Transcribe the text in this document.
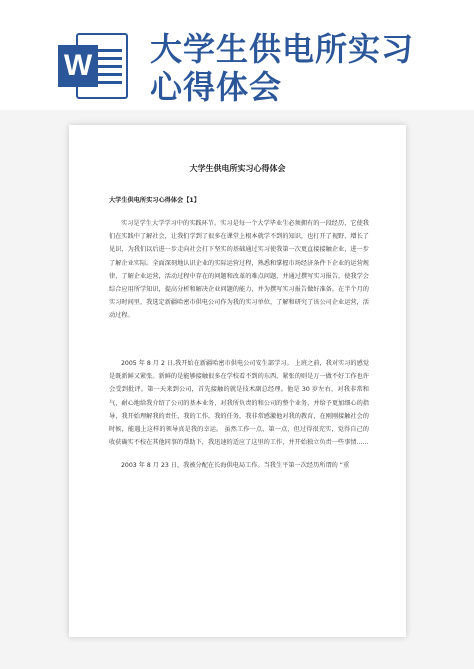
W 大学生供电所实习
心得体会
大学生供电所实习心得体会
大学生供电所实习心得体会【1】

实习是学生大学学习中的实践环节。实习是每一个大学毕业生必须拥有的一段经历，它使我们在实践中了解社会，让我们学到了很多在课堂上根本就学不到的知识，也打开了视野，增长了见识，为我们以后进一步走向社会打下坚实的基础通过实习使我第一次更直接接触企业，进一步了解企业实际。全面深刻地认识企业的实际运营过程，熟悉和掌握市场经济条件下企业的运营规律，了解企业运营，活动过程中存在的问题和改革的难点问题，并通过撰写实习报告，使我学会综合应用所学知识，提高分析和解决企业问题的能力，并为撰写实习报告做好准备。在半个月的实习时间里，我选定新疆哈密市供电公司作为我的实习单位，了解和研究了该公司企业运营，活动过程。

2005 年 8 月 2 日,我开始在新疆哈密市供电公司安生部学习。 上班之前，我对实习的感觉是既新鲜又紧张。新鲜的是能够接触很多在学校看不到的东西，紧张的则是万一做不好工作也许会受到批评。第一天来到公司，首先接触的就是技术副总经理。他是 30 岁左右，对我非常和气，耐心地给我介绍了公司的基本业务，对我所负责的和公司的整个业务，并给予更加细心的指导，我开始理解我的责任，我的工作，我的任务，我非常感激他对我的教育，在刚刚接触社会的时候，能遇上这样的领导真是我的幸运。 虽然工作一点，第一点，但过得很充实，觉得自己的收获确实不校在其他同事的帮助下，我迅速的适应了这里的工作，并开始独立负责一些事情......

2003 年 8 月 23 日，我被分配在长海供电局工作。当我生平第一次经历所谓的 “重
